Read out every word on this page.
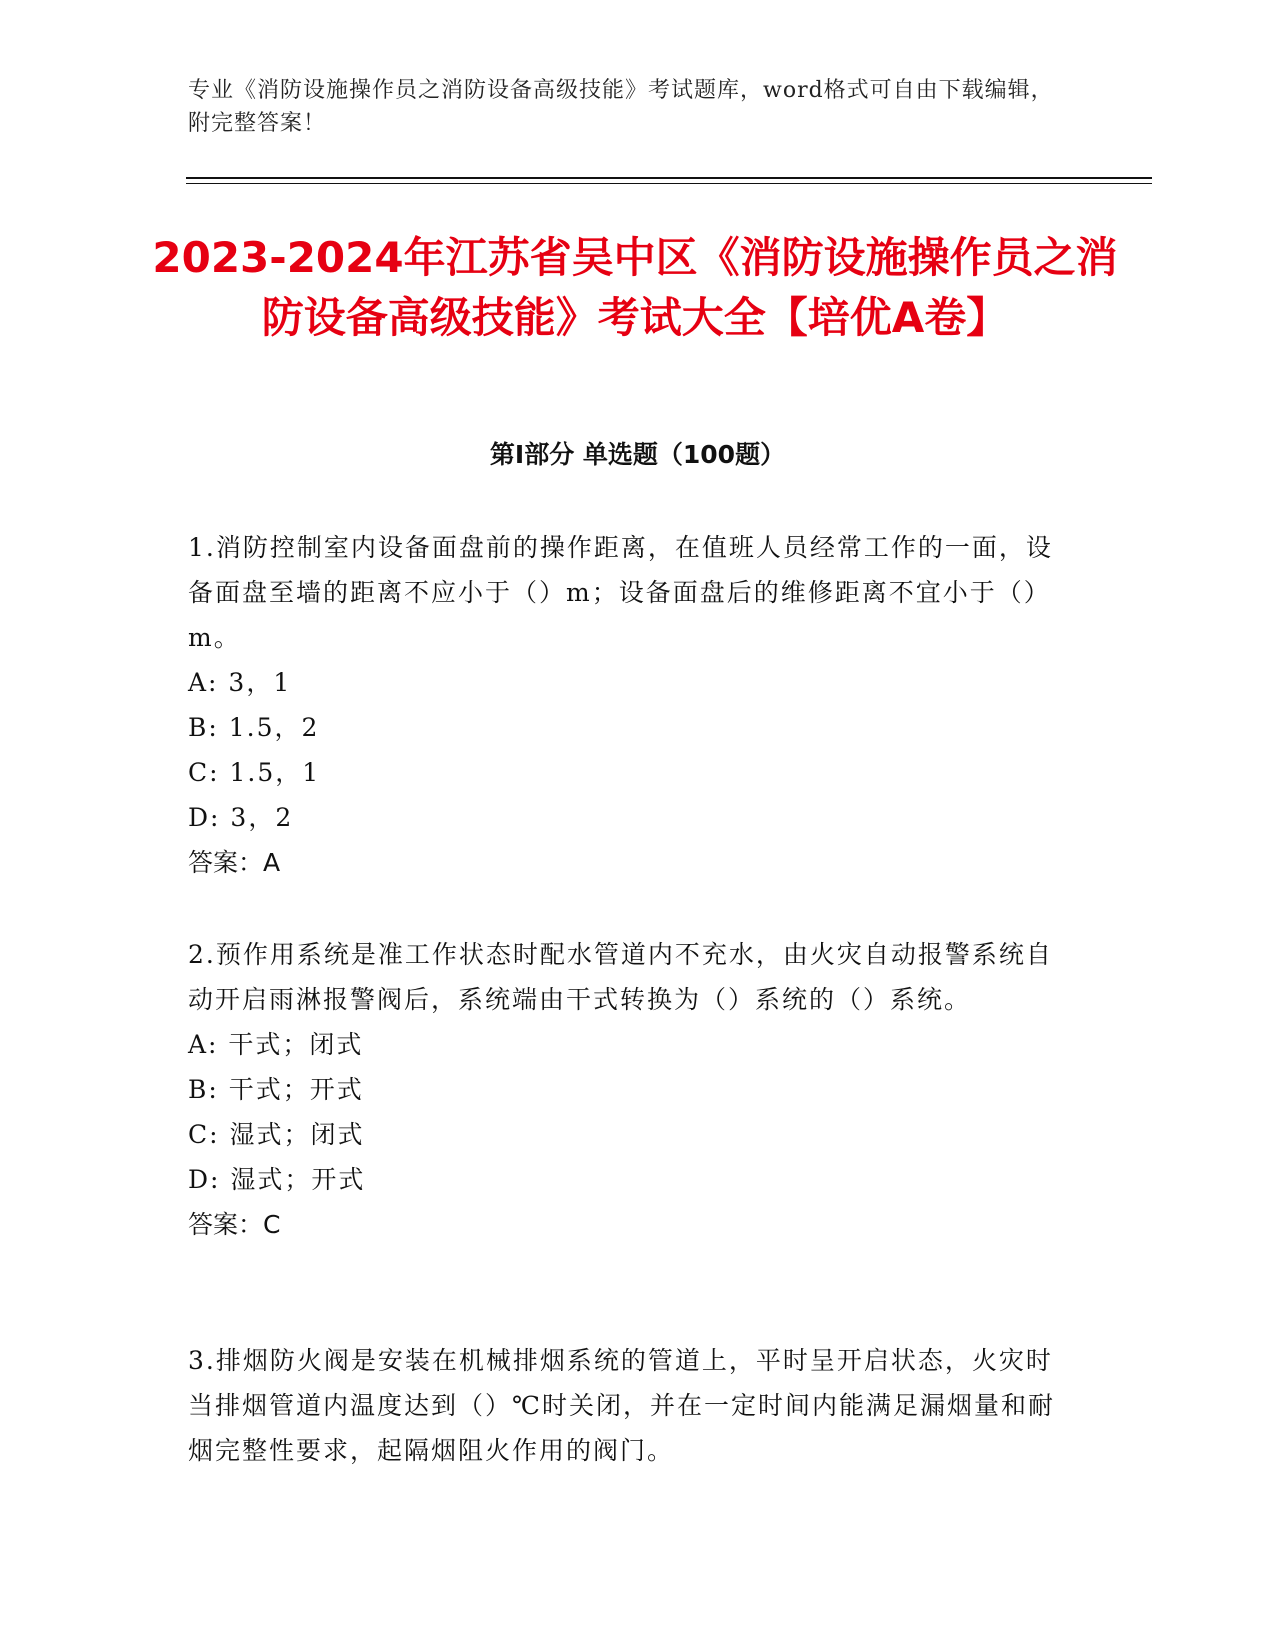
专业《消防设施操作员之消防设备高级技能》考试题库，word格式可自由下载编辑，附完整答案！
2023-2024年江苏省吴中区《消防设施操作员之消防设备高级技能》考试大全【培优A卷】
第Ⅰ部分 单选题（100题）

1.消防控制室内设备面盘前的操作距离，在值班人员经常工作的一面，设备面盘至墙的距离不应小于（）m；设备面盘后的维修距离不宜小于（）m。

A: 3，1

B: 1.5，2

C: 1.5，1

D: 3，2

答案：A

2.预作用系统是准工作状态时配水管道内不充水，由火灾自动报警系统自动开启雨淋报警阀后，系统端由干式转换为（）系统的（）系统。

A: 干式；闭式

B: 干式；开式

C: 湿式；闭式

D: 湿式；开式

答案：C

3.排烟防火阀是安装在机械排烟系统的管道上，平时呈开启状态，火灾时当排烟管道内温度达到（）℃时关闭，并在一定时间内能满足漏烟量和耐烟完整性要求，起隔烟阻火作用的阀门。
